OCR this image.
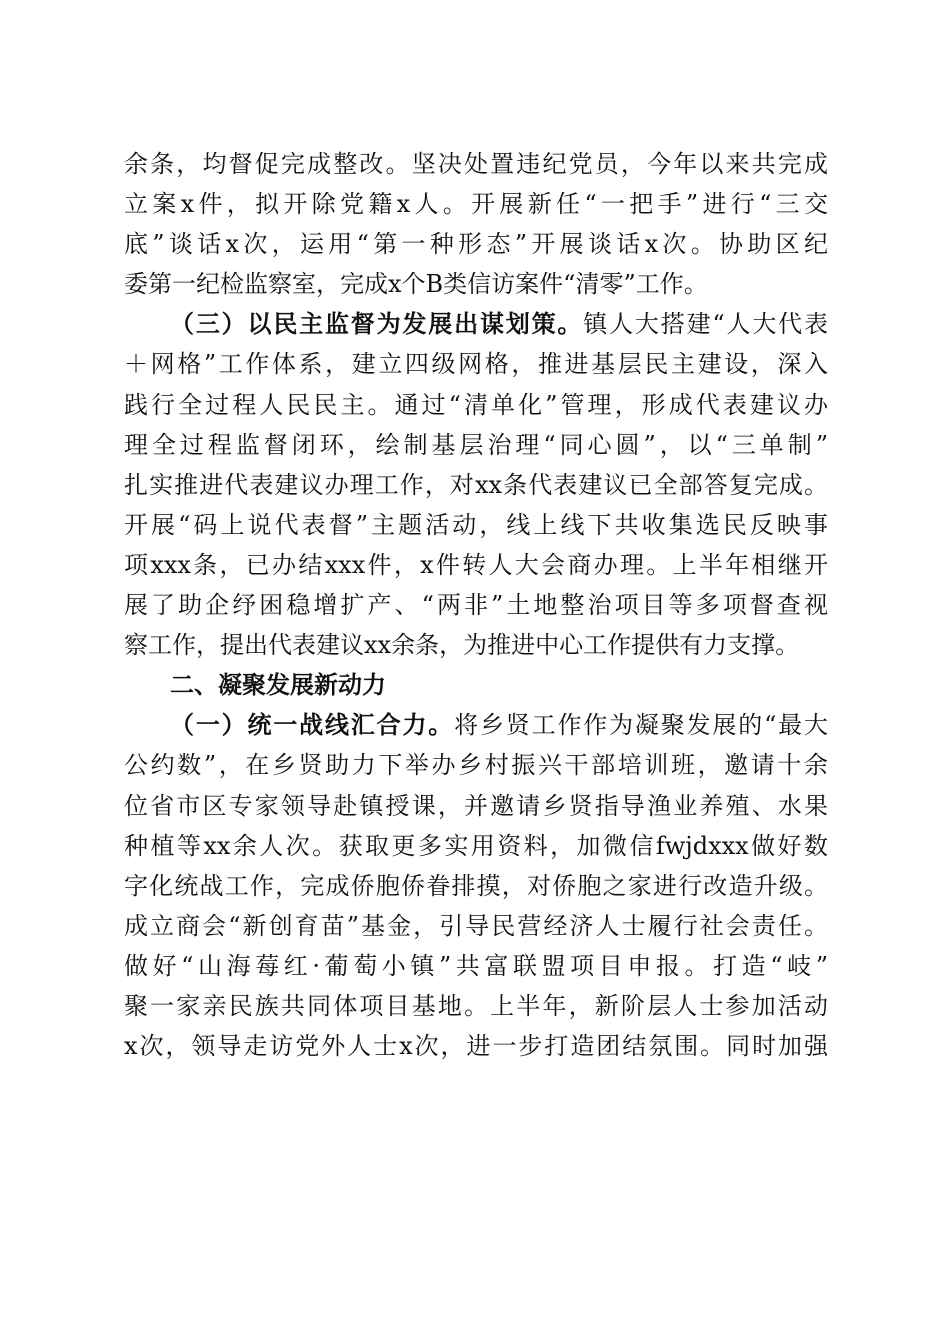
余条，均督促完成整改。坚决处置违纪党员，今年以来共完成
立案x件，拟开除党籍x人。开展新任“一把手”进行“三交
底”谈话x次，运用“第一种形态”开展谈话x次。协助区纪
委第一纪检监察室，完成x个B类信访案件“清零”工作。
（三）以民主监督为发展出谋划策。镇人大搭建“人大代表
＋网格”工作体系，建立四级网格，推进基层民主建设，深入
践行全过程人民民主。通过“清单化”管理，形成代表建议办
理全过程监督闭环，绘制基层治理“同心圆”，以“三单制”
扎实推进代表建议办理工作，对xx条代表建议已全部答复完成。
开展“码上说代表督”主题活动，线上线下共收集选民反映事
项xxx条，已办结xxx件，x件转人大会商办理。上半年相继开
展了助企纾困稳增扩产、“两非”土地整治项目等多项督查视
察工作，提出代表建议xx余条，为推进中心工作提供有力支撑。
二、凝聚发展新动力
（一）统一战线汇合力。将乡贤工作作为凝聚发展的“最大
公约数”，在乡贤助力下举办乡村振兴干部培训班，邀请十余
位省市区专家领导赴镇授课，并邀请乡贤指导渔业养殖、水果
种植等xx余人次。获取更多实用资料，加微信fwjdxxx做好数
字化统战工作，完成侨胞侨眷排摸，对侨胞之家进行改造升级。
成立商会“新创育苗”基金，引导民营经济人士履行社会责任。
做好“山海莓红·葡萄小镇”共富联盟项目申报。打造“岐”
聚一家亲民族共同体项目基地。上半年，新阶层人士参加活动
x次，领导走访党外人士x次，进一步打造团结氛围。同时加强
